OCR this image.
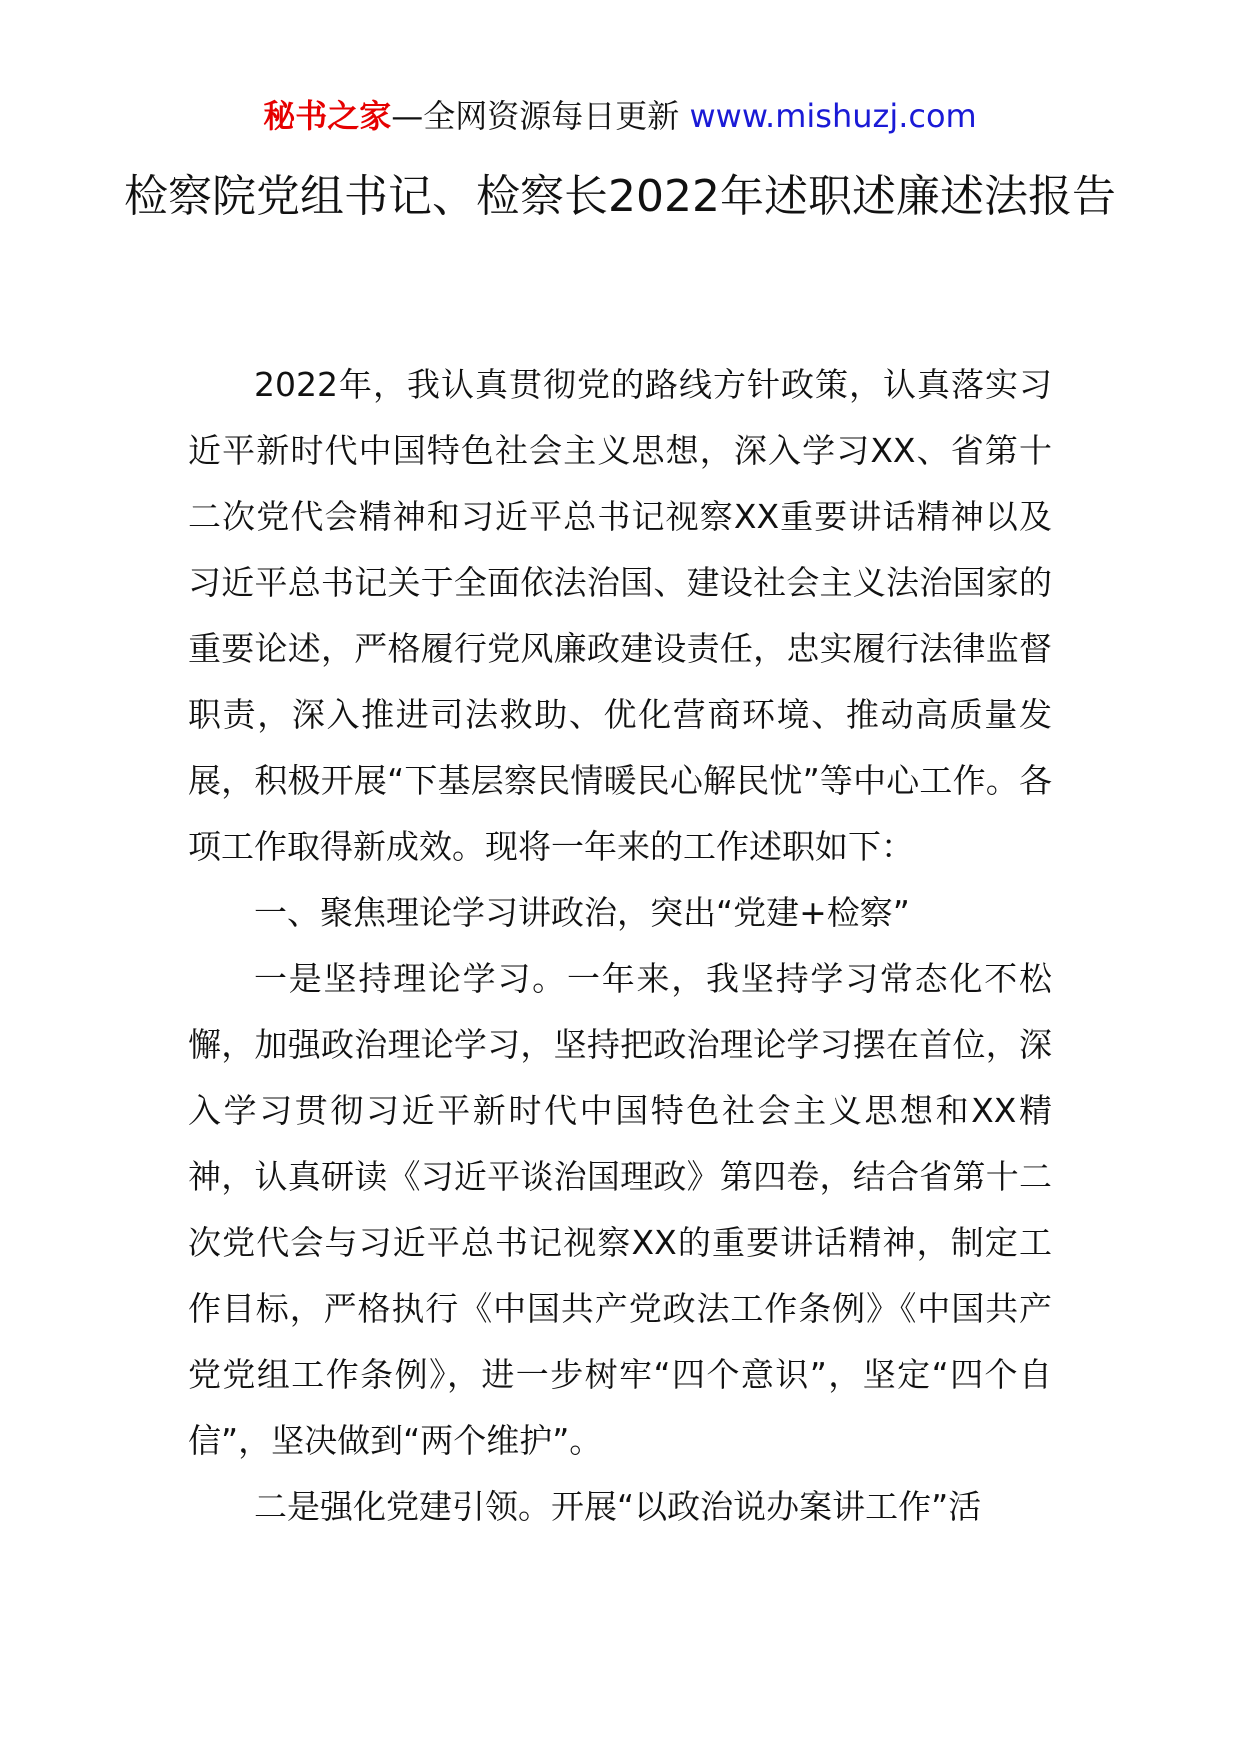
秘书之家—全网资源每日更新 www.mishuzj.com
检察院党组书记、检察长2022年述职述廉述法报告

2022年，我认真贯彻党的路线方针政策，认真落实习近平新时代中国特色社会主义思想，深入学习XX、省第十二次党代会精神和习近平总书记视察XX重要讲话精神以及习近平总书记关于全面依法治国、建设社会主义法治国家的重要论述，严格履行党风廉政建设责任，忠实履行法律监督职责，深入推进司法救助、优化营商环境、推动高质量发展，积极开展“下基层察民情暖民心解民忧”等中心工作。各项工作取得新成效。现将一年来的工作述职如下：

一、聚焦理论学习讲政治，突出“党建+检察”

一是坚持理论学习。一年来，我坚持学习常态化不松懈，加强政治理论学习，坚持把政治理论学习摆在首位，深入学习贯彻习近平新时代中国特色社会主义思想和XX精神，认真研读《习近平谈治国理政》第四卷，结合省第十二次党代会与习近平总书记视察XX的重要讲话精神，制定工作目标，严格执行《中国共产党政法工作条例》《中国共产党党组工作条例》，进一步树牢“四个意识”，坚定“四个自信”，坚决做到“两个维护”。

二是强化党建引领。开展“以政治说办案讲工作”活
